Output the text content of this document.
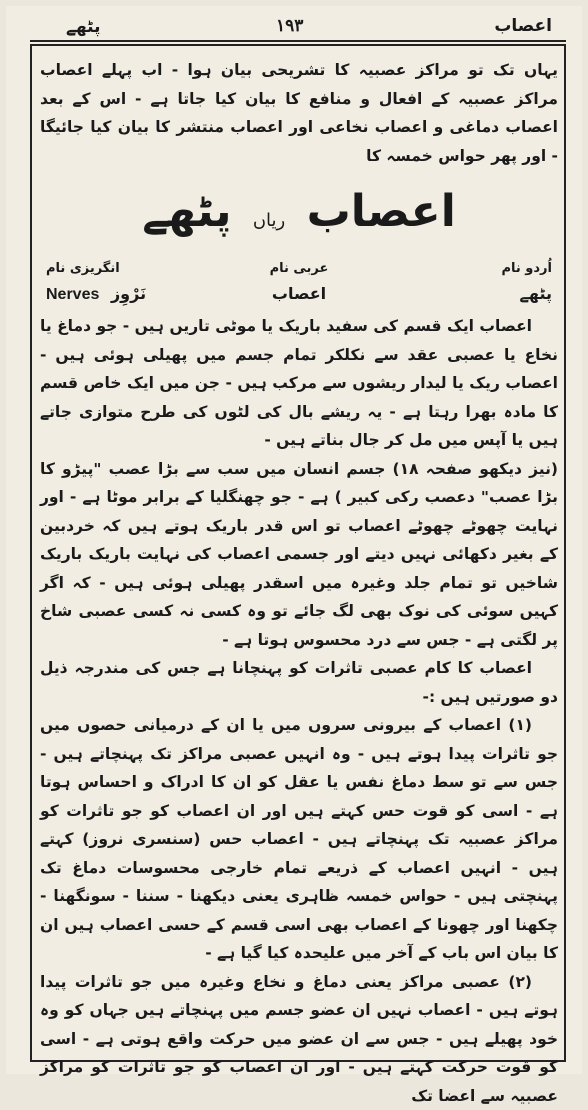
اعصاب
۱۹۳
پٹھے

یہاں تک تو مراکز عصبیہ کا تشریحی بیان ہوا - اب پہلے اعصاب مراکز عصبیہ کے افعال و منافع کا بیان کیا جاتا ہے - اس کے بعد اعصاب دماغی و اعصاب نخاعی اور اعصاب منتشر کا بیان کیا جائیگا - اور پھر حواس خمسہ کا

اعصاب ریاں پٹھے
اُردو نام
عربی نام
انگریزی نام
پٹھے
اعصاب
نَرْوِز Nerves

اعصاب ایک قسم کی سفید باریک یا موٹی تاریں ہیں - جو دماغ یا نخاع یا عصبی عقد سے نکلکر تمام جسم میں پھیلی ہوئی ہیں - اعصاب ریک یا لیدار ریشوں سے مرکب ہیں - جن میں ایک خاص قسم کا مادہ بھرا رہتا ہے - یہ ریشے بال کی لٹوں کی طرح متوازی جاتے ہیں یا آپس میں مل کر جال بناتے ہیں -

(نیز دیکھو صفحہ ۱۸) جسم انسان میں سب سے بڑا عصب "پیڑو کا بڑا عصب" دعصب رکی کبیر ) ہے - جو چھنگلیا کے برابر موٹا ہے - اور نہایت چھوٹے چھوٹے اعصاب تو اس قدر باریک ہوتے ہیں کہ خردبین کے بغیر دکھائی نہیں دیتے اور جسمی اعصاب کی نہایت باریک باریک شاخیں تو تمام جلد وغیرہ میں اسقدر پھیلی ہوئی ہیں - کہ اگر کہیں سوئی کی نوک بھی لگ جائے تو وہ کسی نہ کسی عصبی شاخ پر لگتی ہے - جس سے درد محسوس ہوتا ہے -

اعصاب کا کام عصبی تاثرات کو پہنچانا ہے جس کی مندرجہ ذیل دو صورتیں ہیں :-

(۱) اعصاب کے بیرونی سروں میں یا ان کے درمیانی حصوں میں جو تاثرات پیدا ہوتے ہیں - وہ انہیں عصبی مراکز تک پہنچاتے ہیں - جس سے تو سط دماغ نفس یا عقل کو ان کا ادراک و احساس ہوتا ہے - اسی کو قوت حس کہتے ہیں اور ان اعصاب کو جو تاثرات کو مراکز عصبیہ تک پہنچاتے ہیں - اعصاب حس (سنسری نروز) کہتے ہیں - انہیں اعصاب کے ذریعے تمام خارجی محسوسات دماغ تک پہنچتی ہیں - حواس خمسہ ظاہری یعنی دیکھنا - سننا - سونگھنا - چکھنا اور چھونا کے اعصاب بھی اسی قسم کے حسی اعصاب ہیں ان کا بیان اس باب کے آخر میں علیحدہ کیا گیا ہے -

(۲) عصبی مراکز یعنی دماغ و نخاع وغیرہ میں جو تاثرات پیدا ہوتے ہیں - اعصاب نہیں ان عضو جسم میں پہنچاتے ہیں جہاں کو وہ خود پھیلے ہیں - جس سے ان عضو میں حرکت واقع ہوتی ہے - اسی کو قوت حرکت کہتے ہیں - اور ان اعصاب کو جو تاثرات کو مراکز عصبیہ سے اعضا تک
